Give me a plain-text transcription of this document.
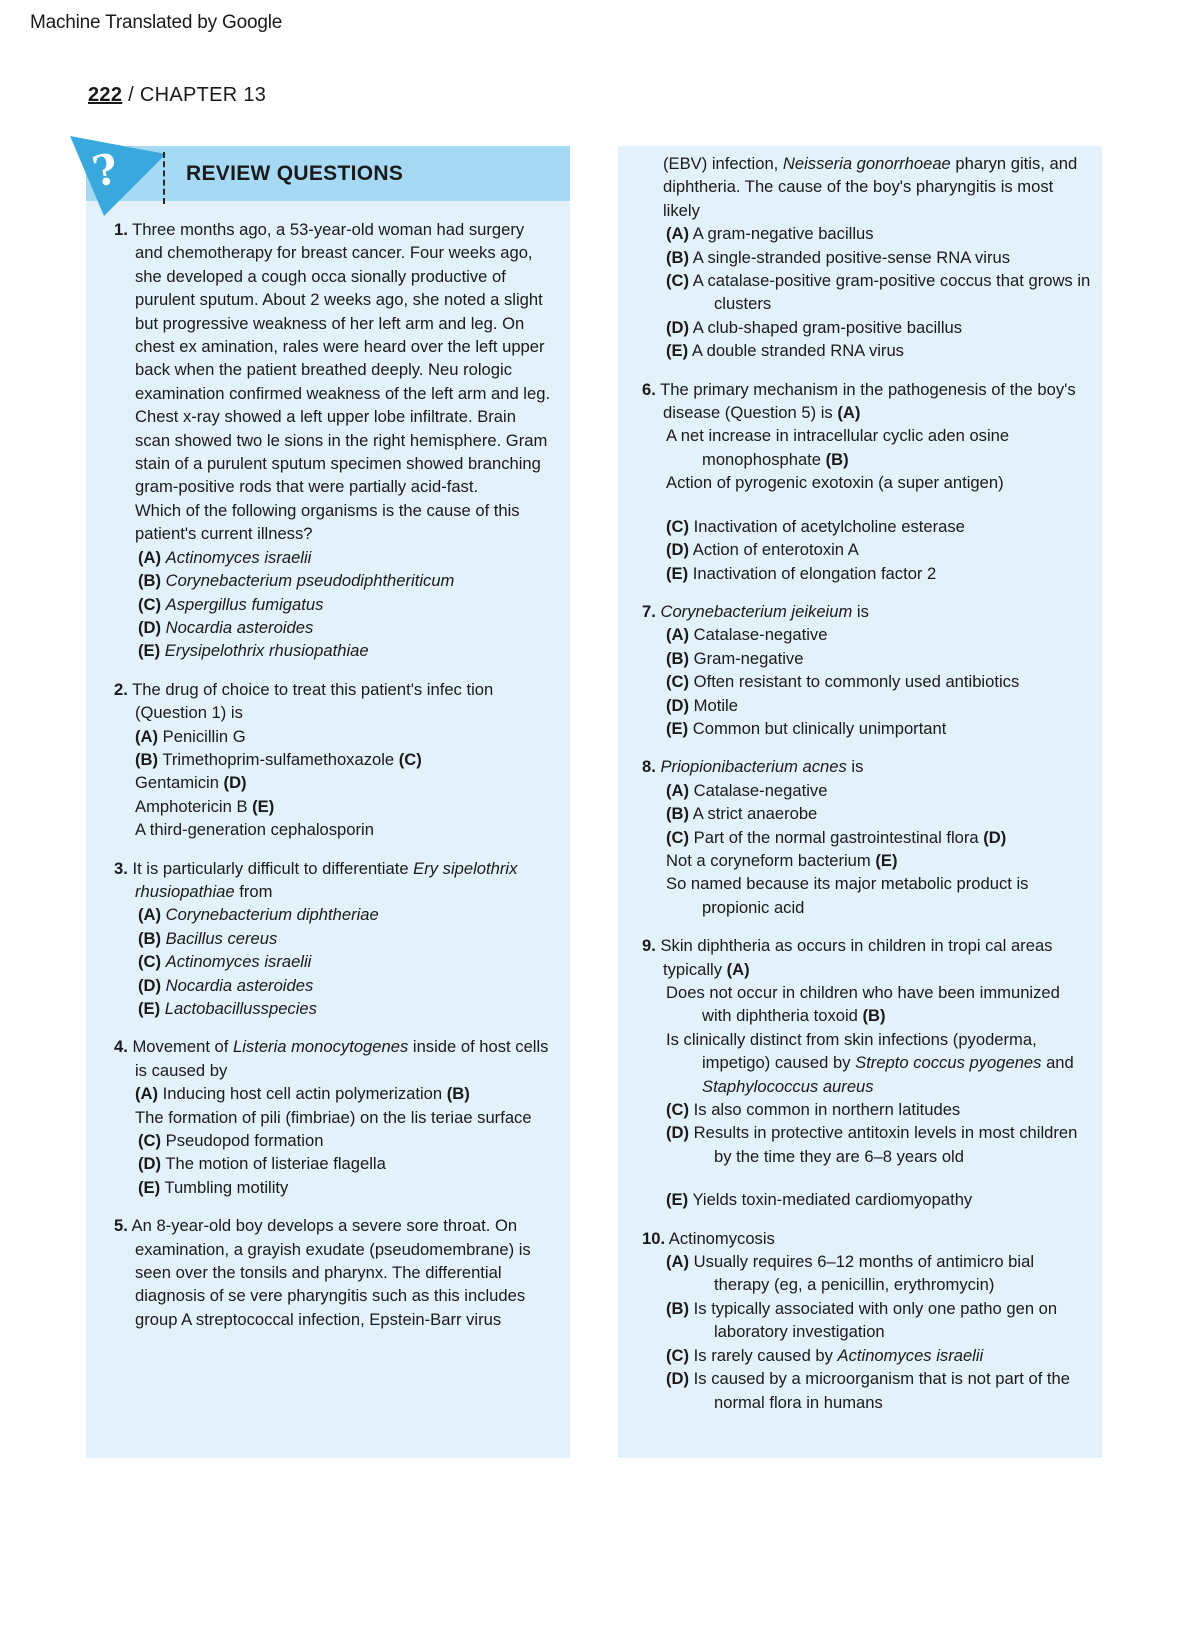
Machine Translated by Google
222 / CHAPTER 13
REVIEW QUESTIONS
1. Three months ago, a 53-year-old woman had surgery and chemotherapy for breast cancer. Four weeks ago, she developed a cough occa sionally productive of purulent sputum. About 2 weeks ago, she noted a slight but progressive weakness of her left arm and leg. On chest ex amination, rales were heard over the left upper back when the patient breathed deeply. Neu rologic examination confirmed weakness of the left arm and leg. Chest x-ray showed a left upper lobe infiltrate. Brain scan showed two le sions in the right hemisphere. Gram stain of a purulent sputum specimen showed branching gram-positive rods that were partially acid-fast.
Which of the following organisms is the cause of this patient's current illness?
(A) Actinomyces israelii
(B) Corynebacterium pseudodiphtheriticum
(C) Aspergillus fumigatus
(D) Nocardia asteroides
(E) Erysipelothrix rhusiopathiae
2. The drug of choice to treat this patient's infec tion (Question 1) is
(A) Penicillin G
(B) Trimethoprim-sulfamethoxazole (C)
Gentamicin (D)
Amphotericin B (E)
A third-generation cephalosporin
3. It is particularly difficult to differentiate Ery sipelothrix rhusiopathiae from
(A) Corynebacterium diphtheriae
(B) Bacillus cereus
(C) Actinomyces israelii
(D) Nocardia asteroides
(E) Lactobacillusspecies
4. Movement of Listeria monocytogenes inside of host cells is caused by
(A) Inducing host cell actin polymerization (B)
The formation of pili (fimbriae) on the lis teriae surface
(C) Pseudopod formation
(D) The motion of listeriae flagella
(E) Tumbling motility
5. An 8-year-old boy develops a severe sore throat. On examination, a grayish exudate (pseudomembrane) is seen over the tonsils and pharynx. The differential diagnosis of se vere pharyngitis such as this includes group A streptococcal infection, Epstein-Barr virus
?	(EBV) infection, Neisseria gonorrhoeae pharyn gitis, and diphtheria. The cause of the boy's pharyngitis is most likely
(A) A gram-negative bacillus
(B) A single-stranded positive-sense RNA virus
(C) A catalase-positive gram-positive coccus that grows in clusters
(D) A club-shaped gram-positive bacillus
(E) A double stranded RNA virus
6. The primary mechanism in the pathogenesis of the boy's disease (Question 5) is (A)
A net increase in intracellular cyclic aden osine monophosphate (B)
Action of pyrogenic exotoxin (a super antigen)
(C) Inactivation of acetylcholine esterase
(D) Action of enterotoxin A
(E) Inactivation of elongation factor 2
7. Corynebacterium jeikeium is
(A) Catalase-negative
(B) Gram-negative
(C) Often resistant to commonly used antibiotics
(D) Motile
(E) Common but clinically unimportant
8. Priopionibacterium acnes is
(A) Catalase-negative
(B) A strict anaerobe
(C) Part of the normal gastrointestinal flora (D)
Not a coryneform bacterium (E)
So named because its major metabolic product is propionic acid
9. Skin diphtheria as occurs in children in tropi cal areas typically (A)
Does not occur in children who have been immunized with diphtheria toxoid (B)
Is clinically distinct from skin infections (pyoderma, impetigo) caused by Strepto coccus pyogenes and Staphylococcus aureus
(C) Is also common in northern latitudes
(D) Results in protective antitoxin levels in most children by the time they are 6–8 years old
(E) Yields toxin-mediated cardiomyopathy
10. Actinomycosis
(A) Usually requires 6–12 months of antimicro bial therapy (eg, a penicillin, erythromycin)
(B) Is typically associated with only one patho gen on laboratory investigation
(C) Is rarely caused by Actinomyces israelii
(D) Is caused by a microorganism that is not part of the normal flora in humans
